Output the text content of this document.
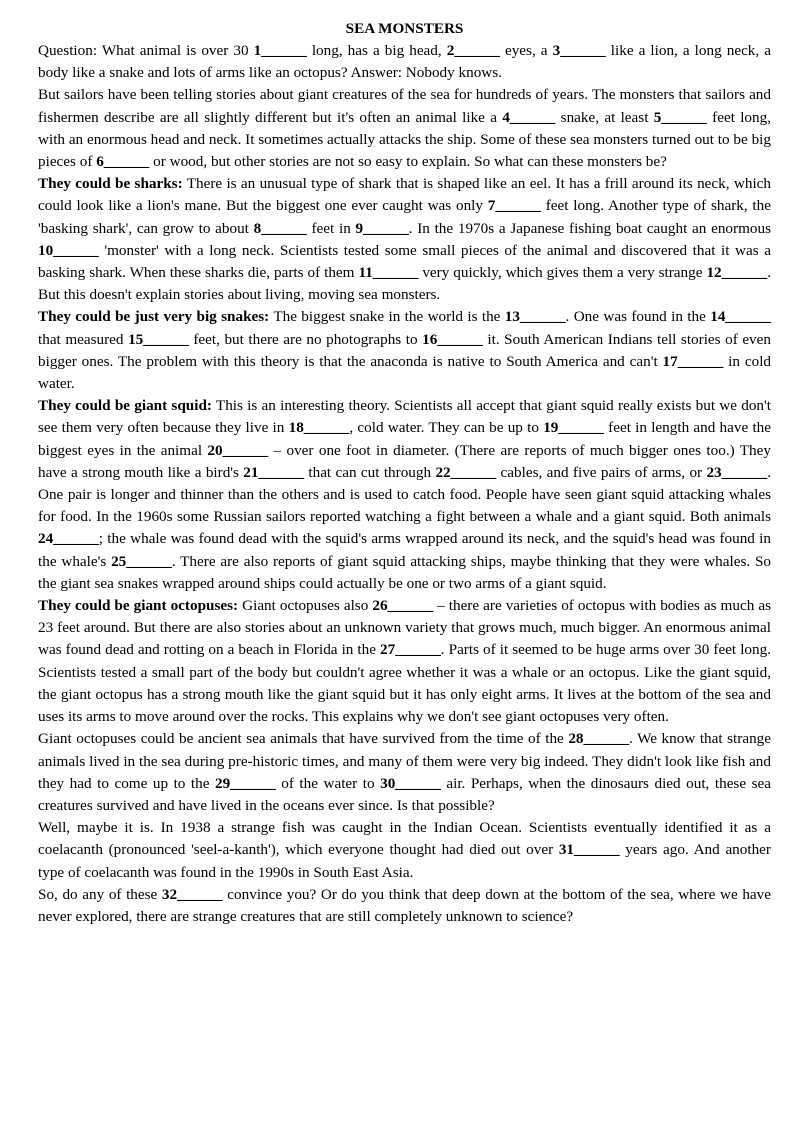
SEA MONSTERS

Question: What animal is over 30 1______ long, has a big head, 2______ eyes, a 3______ like a lion, a long neck, a body like a snake and lots of arms like an octopus? Answer: Nobody knows.

But sailors have been telling stories about giant creatures of the sea for hundreds of years. The monsters that sailors and fishermen describe are all slightly different but it's often an animal like a 4______ snake, at least 5______ feet long, with an enormous head and neck. It sometimes actually attacks the ship. Some of these sea monsters turned out to be big pieces of 6______ or wood, but other stories are not so easy to explain. So what can these monsters be?

They could be sharks: There is an unusual type of shark that is shaped like an eel. It has a frill around its neck, which could look like a lion's mane. But the biggest one ever caught was only 7______ feet long. Another type of shark, the 'basking shark', can grow to about 8______ feet in 9______. In the 1970s a Japanese fishing boat caught an enormous 10______ 'monster' with a long neck. Scientists tested some small pieces of the animal and discovered that it was a basking shark. When these sharks die, parts of them 11______ very quickly, which gives them a very strange 12______. But this doesn't explain stories about living, moving sea monsters.

They could be just very big snakes: The biggest snake in the world is the 13______. One was found in the 14______ that measured 15______ feet, but there are no photographs to 16______ it. South American Indians tell stories of even bigger ones. The problem with this theory is that the anaconda is native to South America and can't 17______ in cold water.

They could be giant squid: This is an interesting theory. Scientists all accept that giant squid really exists but we don't see them very often because they live in 18______, cold water. They can be up to 19______ feet in length and have the biggest eyes in the animal 20______ – over one foot in diameter. (There are reports of much bigger ones too.) They have a strong mouth like a bird's 21______ that can cut through 22______ cables, and five pairs of arms, or 23______. One pair is longer and thinner than the others and is used to catch food. People have seen giant squid attacking whales for food. In the 1960s some Russian sailors reported watching a fight between a whale and a giant squid. Both animals 24______; the whale was found dead with the squid's arms wrapped around its neck, and the squid's head was found in the whale's 25______. There are also reports of giant squid attacking ships, maybe thinking that they were whales. So the giant sea snakes wrapped around ships could actually be one or two arms of a giant squid.

They could be giant octopuses: Giant octopuses also 26______ – there are varieties of octopus with bodies as much as 23 feet around. But there are also stories about an unknown variety that grows much, much bigger. An enormous animal was found dead and rotting on a beach in Florida in the 27______. Parts of it seemed to be huge arms over 30 feet long. Scientists tested a small part of the body but couldn't agree whether it was a whale or an octopus. Like the giant squid, the giant octopus has a strong mouth like the giant squid but it has only eight arms. It lives at the bottom of the sea and uses its arms to move around over the rocks. This explains why we don't see giant octopuses very often.

Giant octopuses could be ancient sea animals that have survived from the time of the 28______. We know that strange animals lived in the sea during pre-historic times, and many of them were very big indeed. They didn't look like fish and they had to come up to the 29______ of the water to 30______ air. Perhaps, when the dinosaurs died out, these sea creatures survived and have lived in the oceans ever since. Is that possible?

Well, maybe it is. In 1938 a strange fish was caught in the Indian Ocean. Scientists eventually identified it as a coelacanth (pronounced 'seel-a-kanth'), which everyone thought had died out over 31______ years ago. And another type of coelacanth was found in the 1990s in South East Asia.

So, do any of these 32______ convince you? Or do you think that deep down at the bottom of the sea, where we have never explored, there are strange creatures that are still completely unknown to science?
